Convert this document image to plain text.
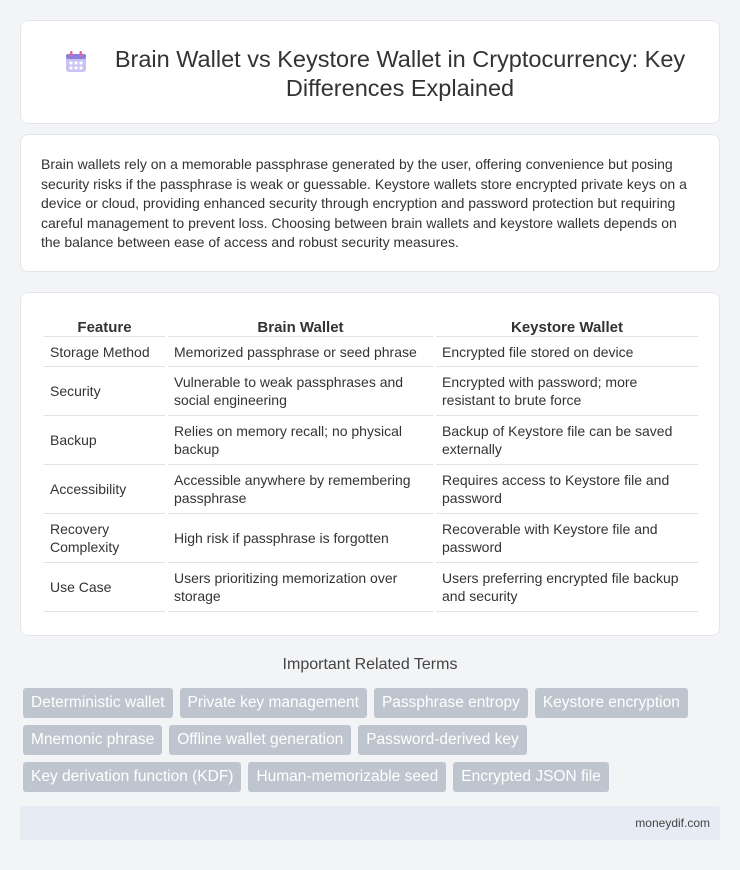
Brain Wallet vs Keystore Wallet in Cryptocurrency: Key Differences Explained

Brain wallets rely on a memorable passphrase generated by the user, offering convenience but posing security risks if the passphrase is weak or guessable. Keystore wallets store encrypted private keys on a device or cloud, providing enhanced security through encryption and password protection but requiring careful management to prevent loss. Choosing between brain wallets and keystore wallets depends on the balance between ease of access and robust security measures.

Feature	Brain Wallet	Keystore Wallet
Storage Method	Memorized passphrase or seed phrase	Encrypted file stored on device
Security	Vulnerable to weak passphrases and social engineering	Encrypted with password; more resistant to brute force
Backup	Relies on memory recall; no physical backup	Backup of Keystore file can be saved externally
Accessibility	Accessible anywhere by remembering passphrase	Requires access to Keystore file and password
Recovery Complexity	High risk if passphrase is forgotten	Recoverable with Keystore file and password
Use Case	Users prioritizing memorization over storage	Users preferring encrypted file backup and security
Important Related Terms
Deterministic wallet	Private key management	Passphrase entropy	Keystore encryption
Mnemonic phrase	Offline wallet generation	Password-derived key
Key derivation function (KDF)	Human-memorizable seed	Encrypted JSON file
moneydif.com
